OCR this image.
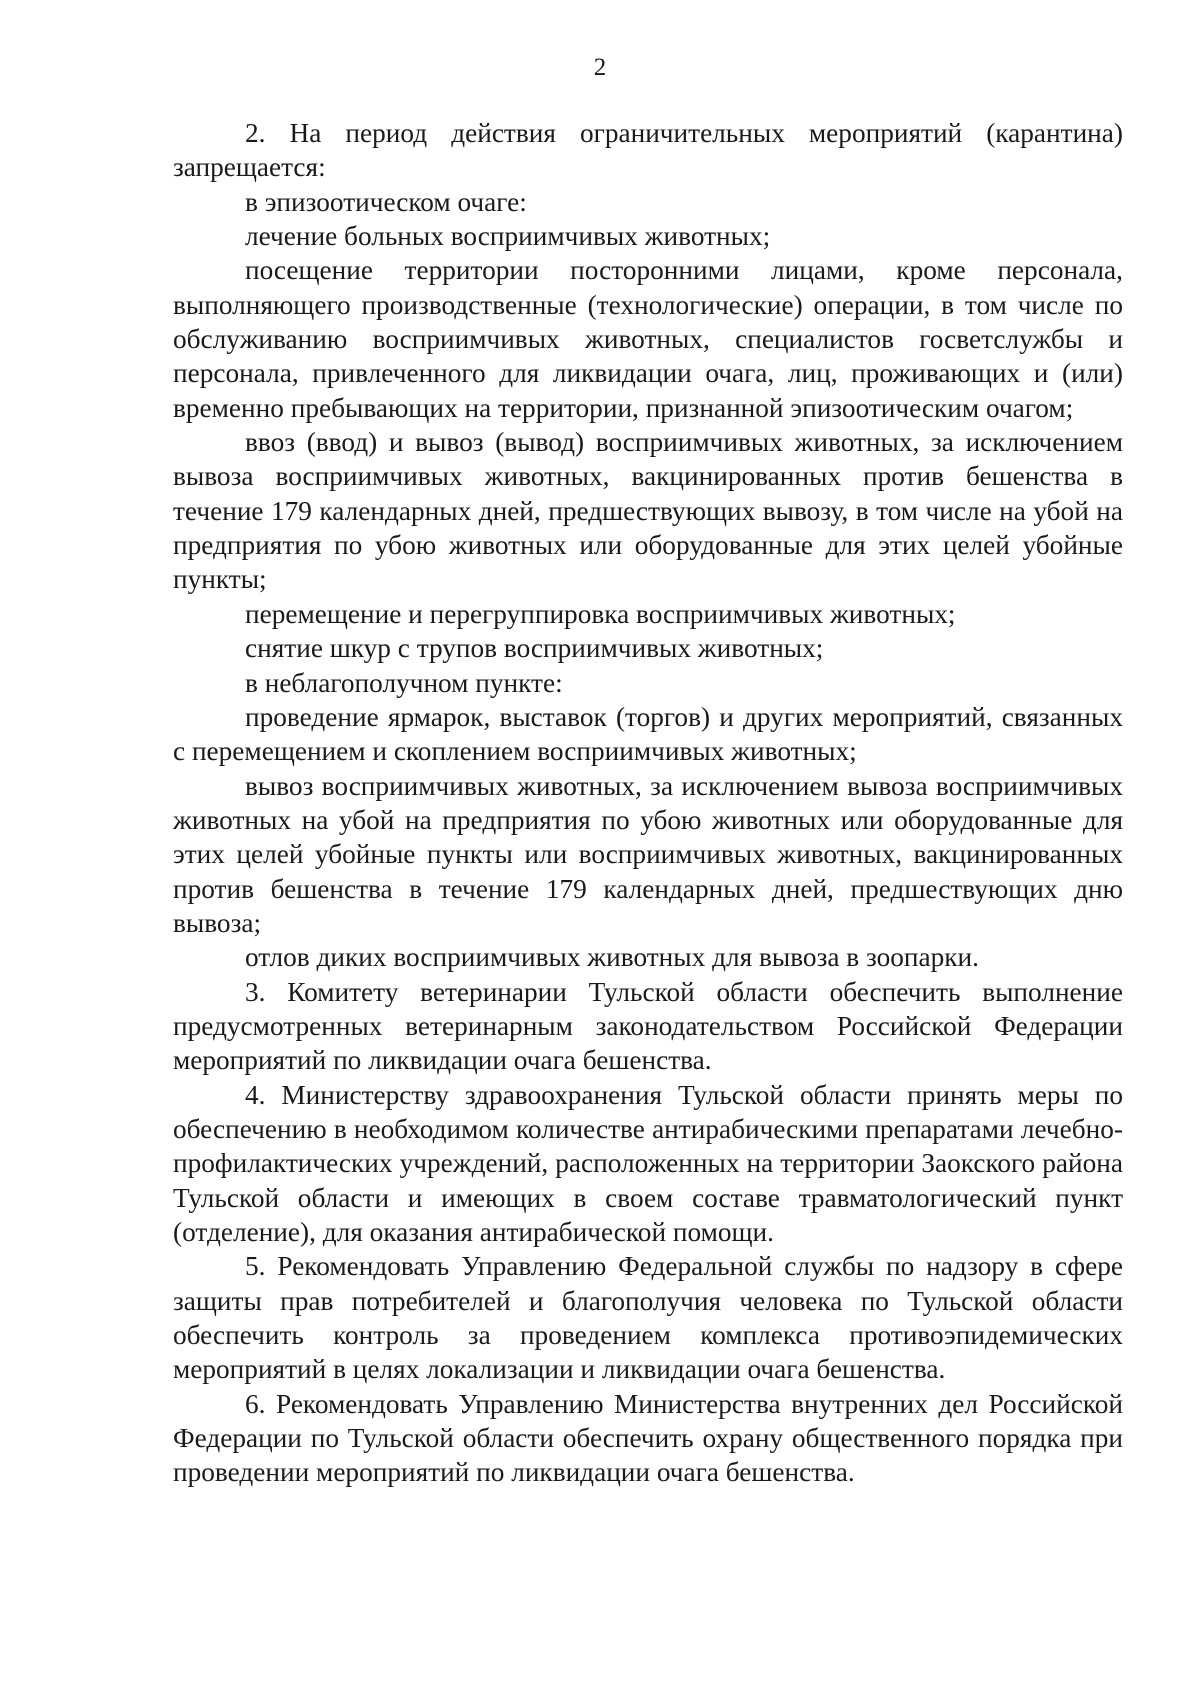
2

2. На период действия ограничительных мероприятий (карантина) запрещается:

в эпизоотическом очаге:

лечение больных восприимчивых животных;

посещение территории посторонними лицами, кроме персонала, выполняющего производственные (технологические) операции, в том числе по обслуживанию восприимчивых животных, специалистов госветслужбы и персонала, привлеченного для ликвидации очага, лиц, проживающих и (или) временно пребывающих на территории, признанной эпизоотическим очагом;

ввоз (ввод) и вывоз (вывод) восприимчивых животных, за исключением вывоза восприимчивых животных, вакцинированных против бешенства в течение 179 календарных дней, предшествующих вывозу, в том числе на убой на предприятия по убою животных или оборудованные для этих целей убойные пункты;

перемещение и перегруппировка восприимчивых животных;

снятие шкур с трупов восприимчивых животных;

в неблагополучном пункте:

проведение ярмарок, выставок (торгов) и других мероприятий, связанных с перемещением и скоплением восприимчивых животных;

вывоз восприимчивых животных, за исключением вывоза восприимчивых животных на убой на предприятия по убою животных или оборудованные для этих целей убойные пункты или восприимчивых животных, вакцинированных против бешенства в течение 179 календарных дней, предшествующих дню вывоза;

отлов диких восприимчивых животных для вывоза в зоопарки.

3. Комитету ветеринарии Тульской области обеспечить выполнение предусмотренных ветеринарным законодательством Российской Федерации мероприятий по ликвидации очага бешенства.

4. Министерству здравоохранения Тульской области принять меры по обеспечению в необходимом количестве антирабическими препаратами лечебно-профилактических учреждений, расположенных на территории Заокского района Тульской области и имеющих в своем составе травматологический пункт (отделение), для оказания антирабической помощи.

5. Рекомендовать Управлению Федеральной службы по надзору в сфере защиты прав потребителей и благополучия человека по Тульской области обеспечить контроль за проведением комплекса противоэпидемических мероприятий в целях локализации и ликвидации очага бешенства.

6. Рекомендовать Управлению Министерства внутренних дел Российской Федерации по Тульской области обеспечить охрану общественного порядка при проведении мероприятий по ликвидации очага бешенства.
